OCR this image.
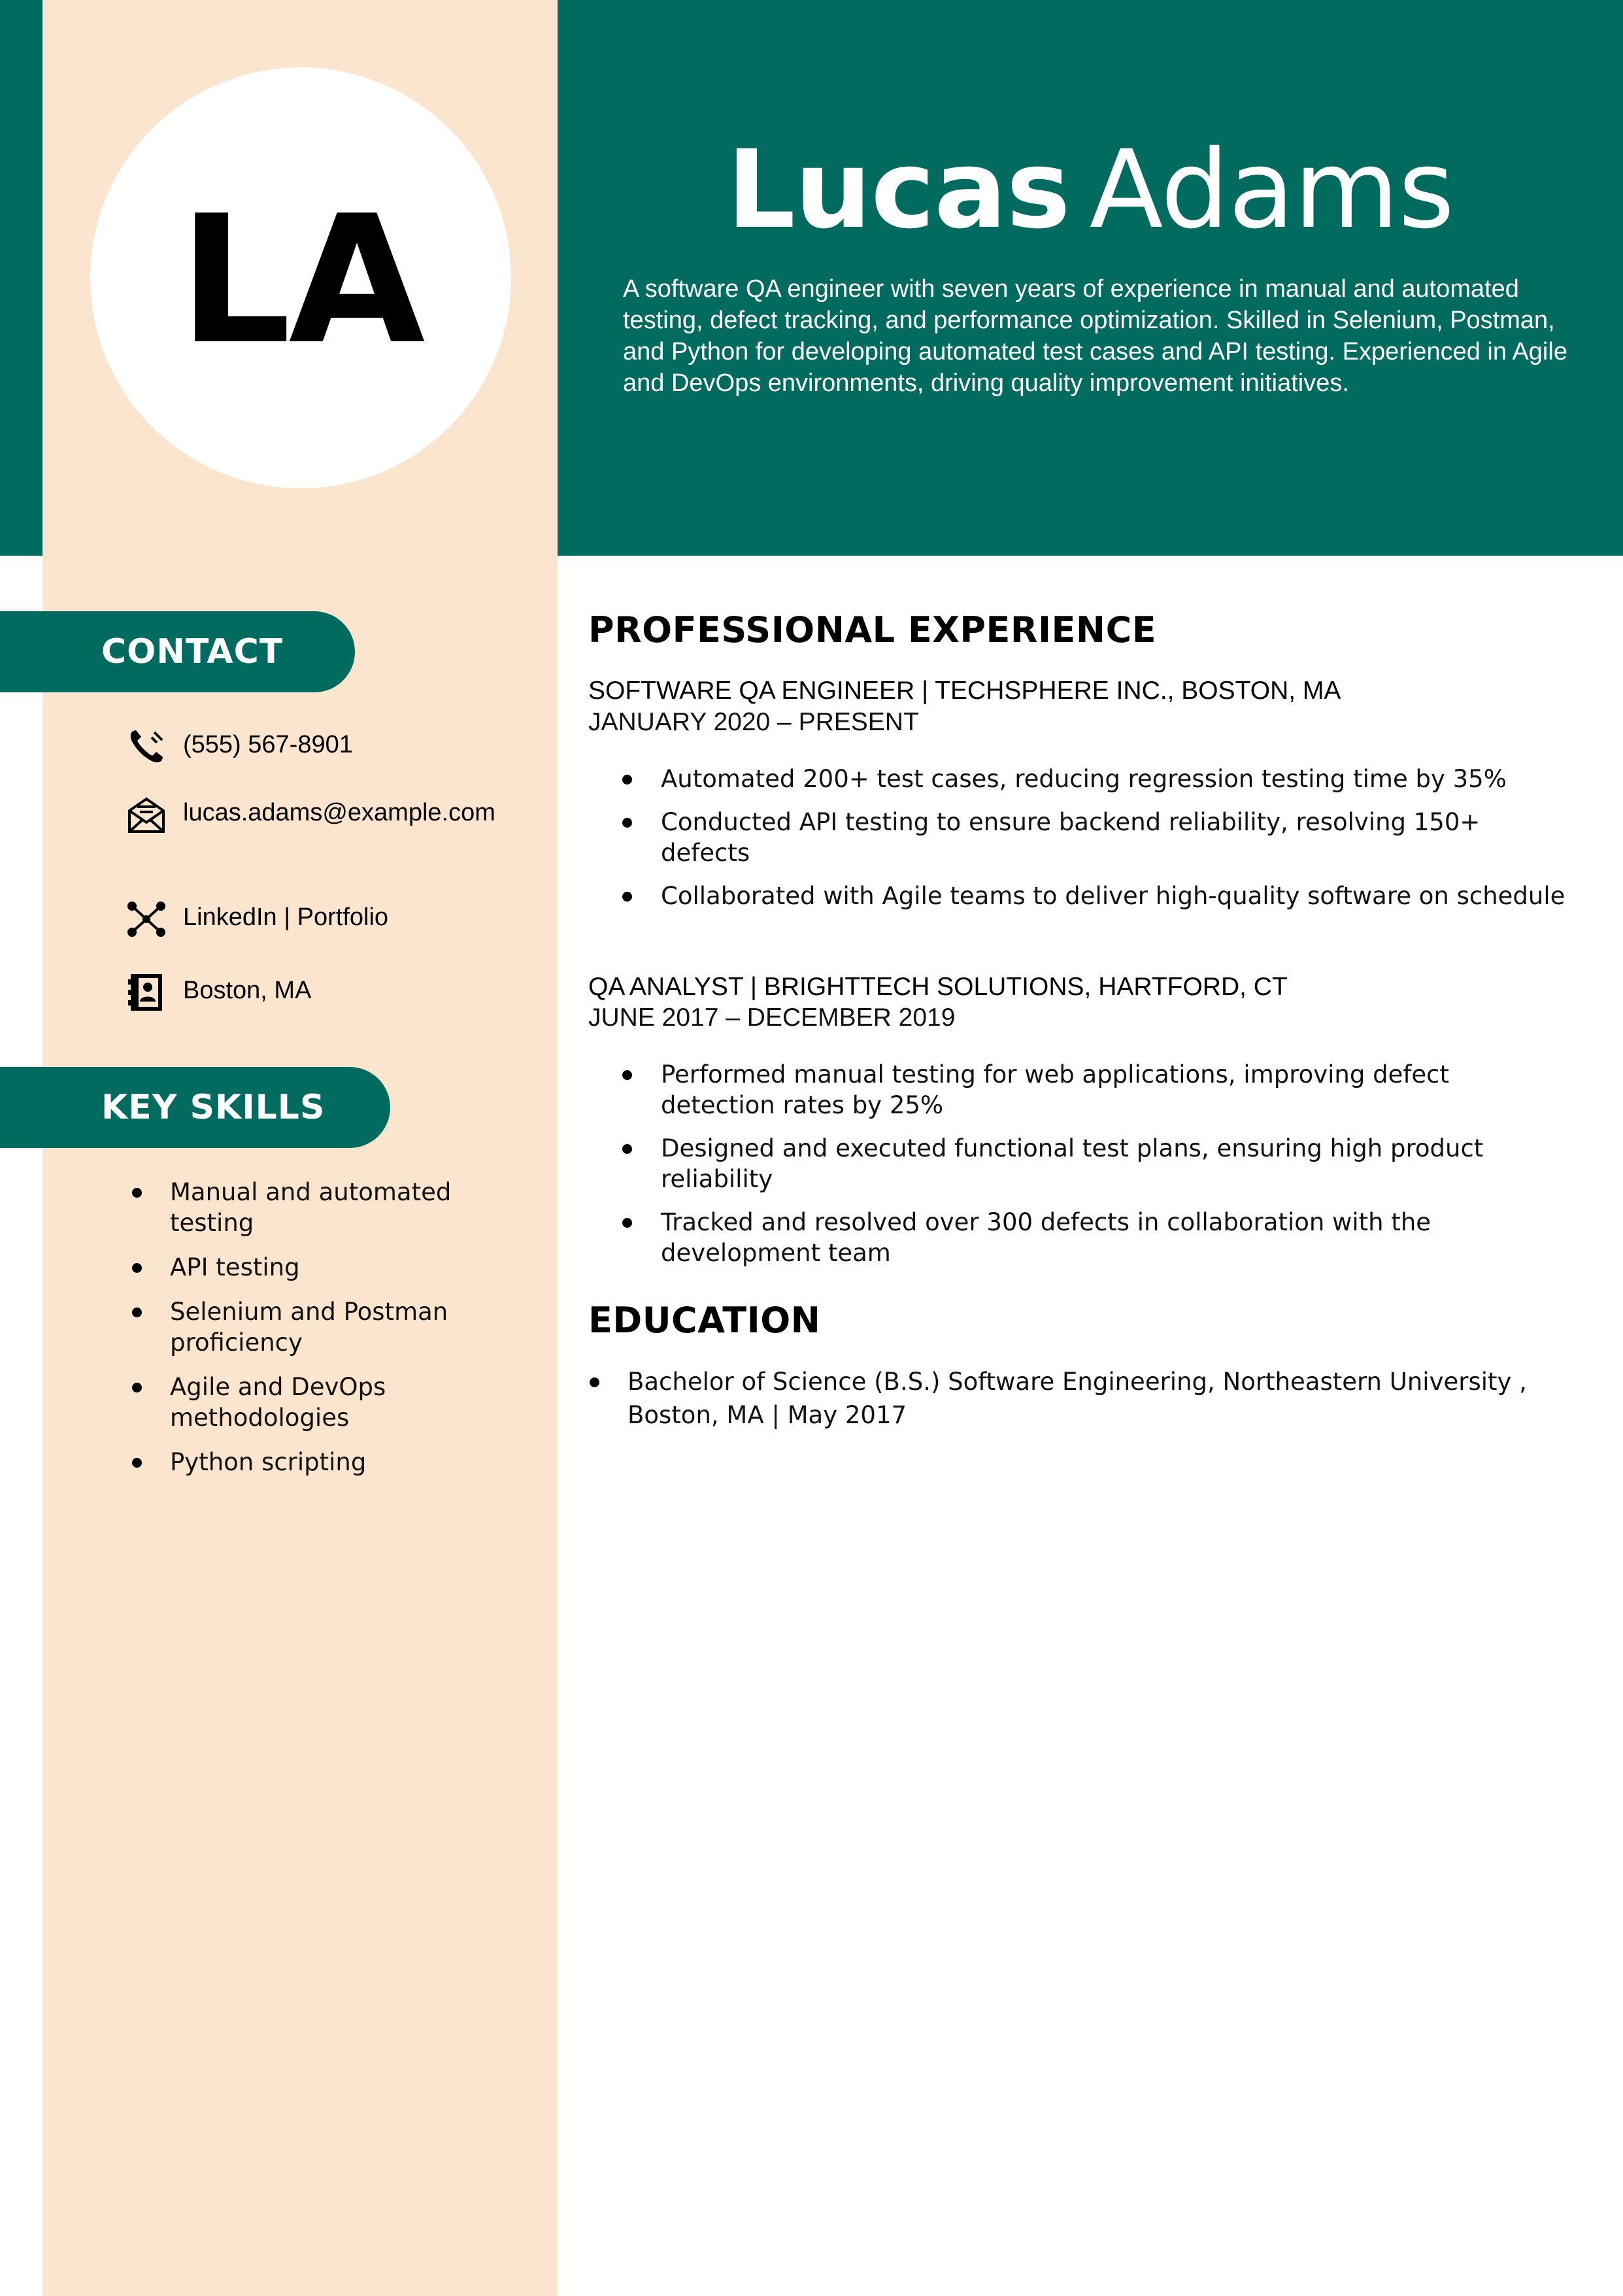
LA	Lucas Adams
A software QA engineer with seven years of experience in manual and automated testing, defect tracking, and performance optimization. Skilled in Selenium, Postman, and Python for developing automated test cases and API testing. Experienced in Agile and DevOps environments, driving quality improvement initiatives.
CONTACT
(555) 567-8901
lucas.adams@example.com
LinkedIn | Portfolio
Boston, MA
KEY SKILLS
Manual and automated testing
API testing
Selenium and Postman proficiency
Agile and DevOps methodologies
Python scripting
PROFESSIONAL EXPERIENCE
SOFTWARE QA ENGINEER | TECHSPHERE INC., BOSTON, MA
JANUARY 2020 – PRESENT
Automated 200+ test cases, reducing regression testing time by 35%
Conducted API testing to ensure backend reliability, resolving 150+ defects
Collaborated with Agile teams to deliver high-quality software on schedule
QA ANALYST | BRIGHTTECH SOLUTIONS, HARTFORD, CT
JUNE 2017 – DECEMBER 2019
Performed manual testing for web applications, improving defect detection rates by 25%
Designed and executed functional test plans, ensuring high product reliability
Tracked and resolved over 300 defects in collaboration with the development team
EDUCATION
Bachelor of Science (B.S.) Software Engineering, Northeastern University , Boston, MA | May 2017
